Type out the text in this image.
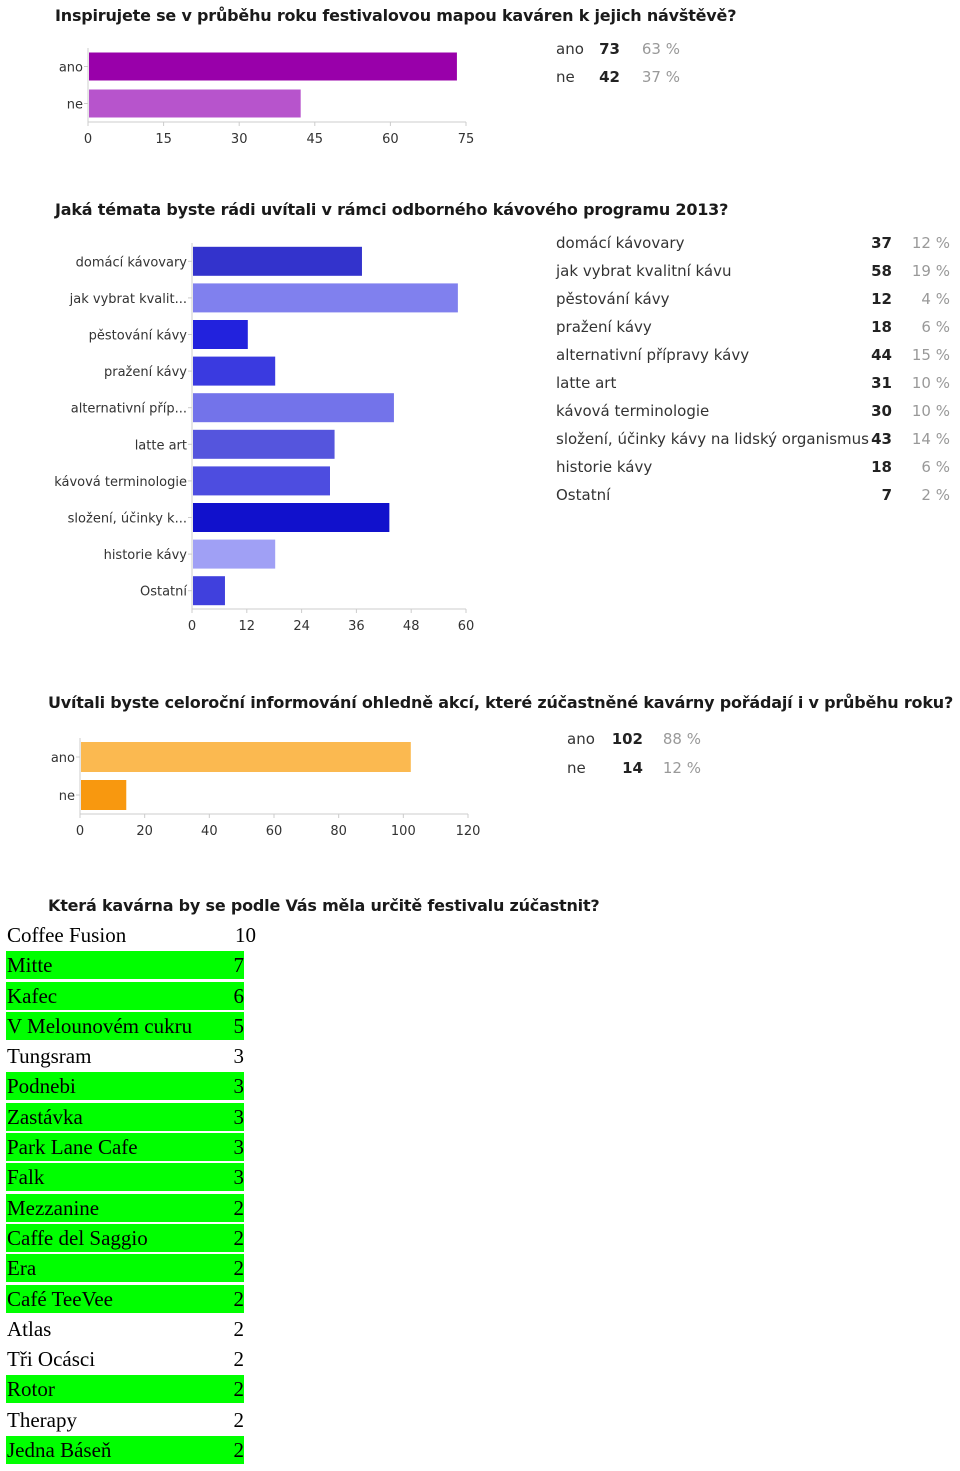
Inspirujete se v průběhu roku festivalovou mapou kaváren k jejich návštěvě?
ano
ne
0	15	30	45	60	75
ano 73 63 %
ne 42 37 %
Jaká témata byste rádi uvítali v rámci odborného kávového programu 2013?
domácí kávovary
jak vybrat kvalit...
pěstování kávy
pražení kávy
alternativní příp...
latte art
kávová terminologie
složení, účinky k...
historie kávy
Ostatní
0	12	24	36	48	60
domácí kávovary	37	12 %
jak vybrat kvalitní kávu	58	19 %
pěstování kávy	12	4 %
pražení kávy	18	6 %
alternativní přípravy kávy	44	15 %
latte art	31	10 %
kávová terminologie	30	10 %
složení, účinky kávy na lidský organismus 43	14 %
historie kávy	18	6 %
Ostatní	7	2 %
Uvítali byste celoroční informování ohledně akcí, které zúčastněné kavárny pořádají i v průběhu roku?
ano
ne
0	20	40	60	80	100	120
ano 102	88 %
ne	14	12 %
Která kavárna by se podle Vás měla určitě festivalu zúčastnit?
Coffee Fusion	10
Mitte	7
Kafec	6
V Melounovém cukru	5
Tungsram	3
Podnebi	3
Zastávka	3
Park Lane Cafe	3
Falk	3
Mezzanine	2
Caffe del Saggio	2
Era	2
Café TeeVee	2
Atlas	2
Tři Ocásci	2
Rotor	2
Therapy	2
Jedna Báseň	2
